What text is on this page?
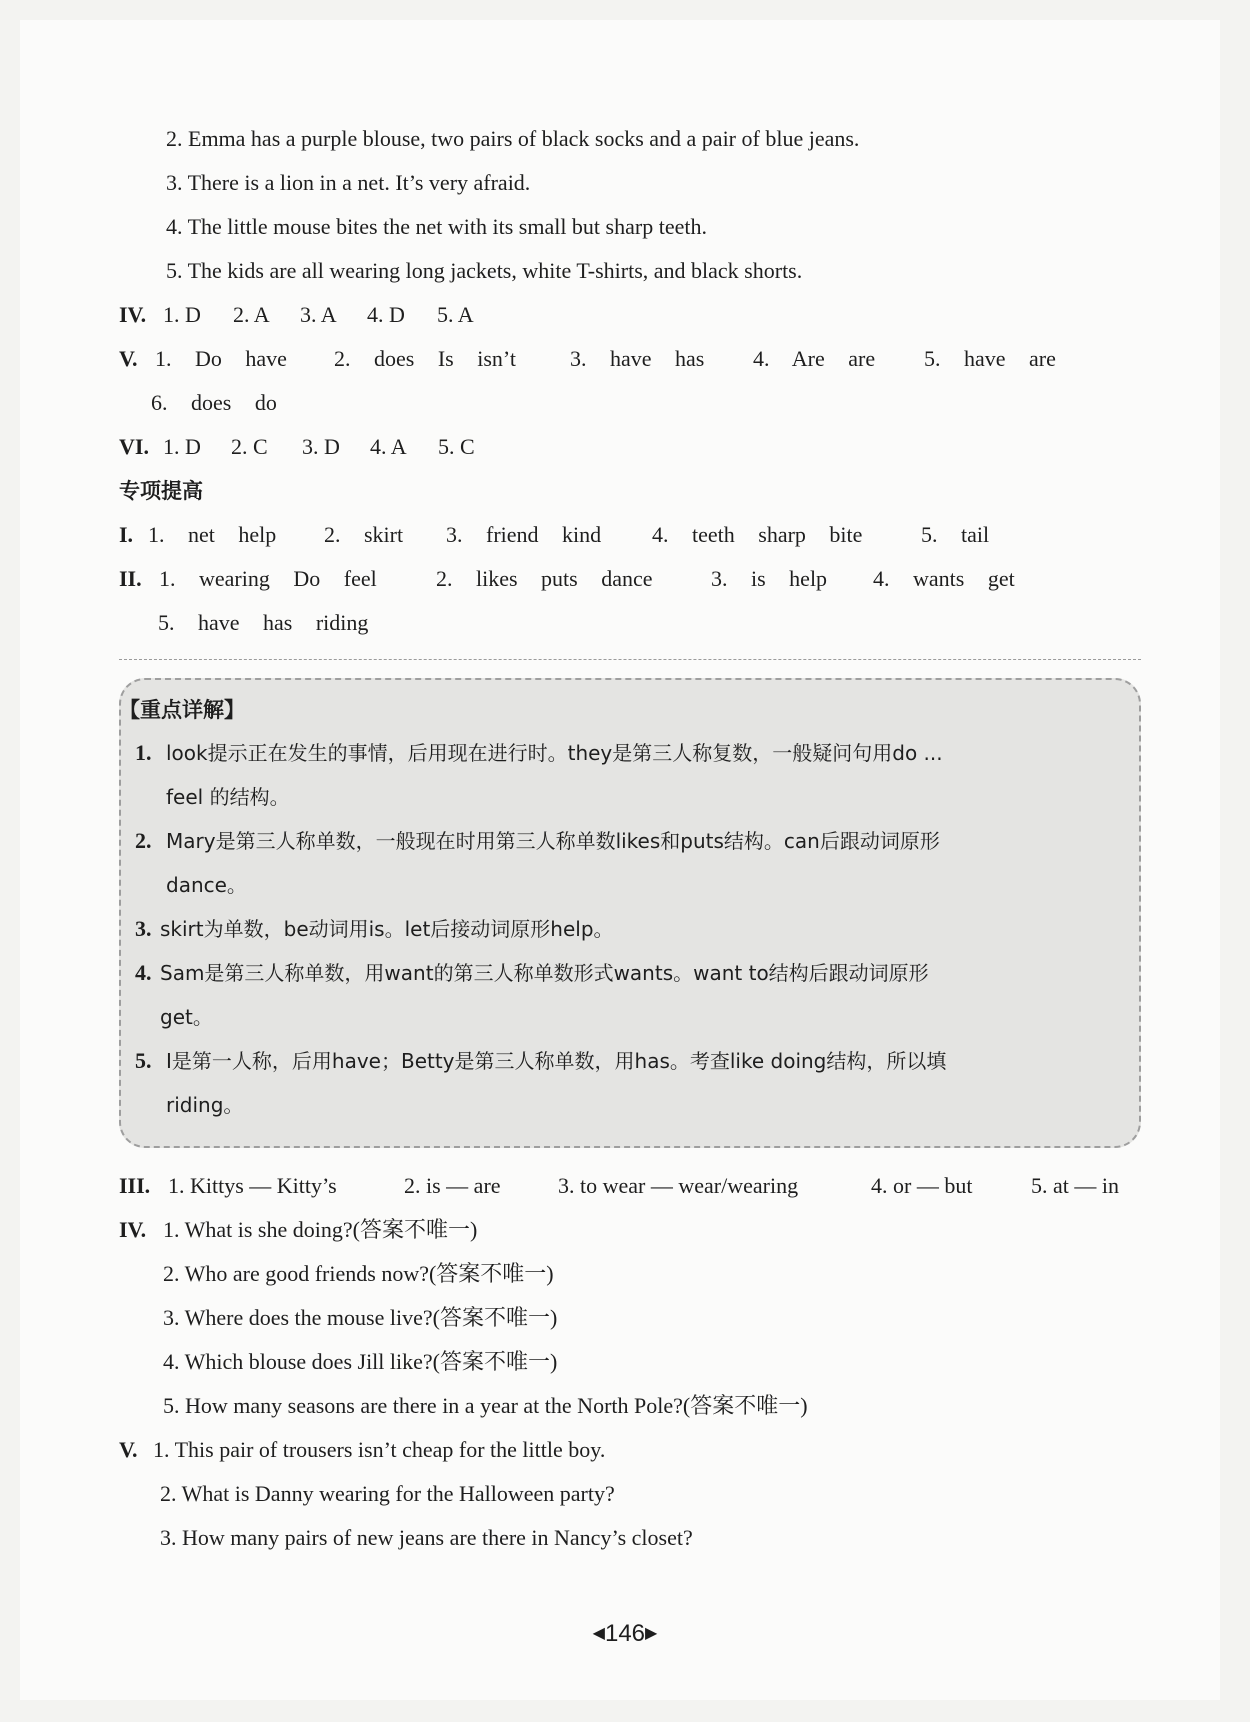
2. Emma has a purple blouse, two pairs of black socks and a pair of blue jeans.
3. There is a lion in a net. It’s very afraid.
4. The little mouse bites the net with its small but sharp teeth.
5. The kids are all wearing long jackets, white T-shirts, and black shorts.
IV. 1. D 2. A 3. A 4. D 5. A
V. 1. Do have 2. does Is isn’t 3. have has 4. Are are 5. have are
6. does do
VI. 1. D 2. C 3. D 4. A 5. C
专项提高
I. 1. net help 2. skirt 3. friend kind 4. teeth sharp bite	5. tail
II. 1. wearing Do feel	2. likes puts dance	3. is help 4. wants get
5. have has riding
【重点详解】
1. look提示正在发生的事情，后用现在进行时。they是第三人称复数，一般疑问句用do ...
feel 的结构。
2. Mary是第三人称单数，一般现在时用第三人称单数likes和puts结构。can后跟动词原形
dance。
3. skirt为单数，be动词用is。let后接动词原形help。
4. Sam是第三人称单数，用want的第三人称单数形式wants。want to结构后跟动词原形
get。
5. I是第一人称，后用have；Betty是第三人称单数，用has。考查like doing结构，所以填
riding。
III. 1. Kittys — Kitty’s	2. is — are	3. to wear — wear/wearing	4. or — but	5. at — in
IV. 1. What is she doing?(答案不唯一)
2. Who are good friends now?(答案不唯一)
3. Where does the mouse live?(答案不唯一)
4. Which blouse does Jill like?(答案不唯一)
5. How many seasons are there in a year at the North Pole?(答案不唯一)
V. 1. This pair of trousers isn’t cheap for the little boy.
2. What is Danny wearing for the Halloween party?
3. How many pairs of new jeans are there in Nancy’s closet?
◀146▶
